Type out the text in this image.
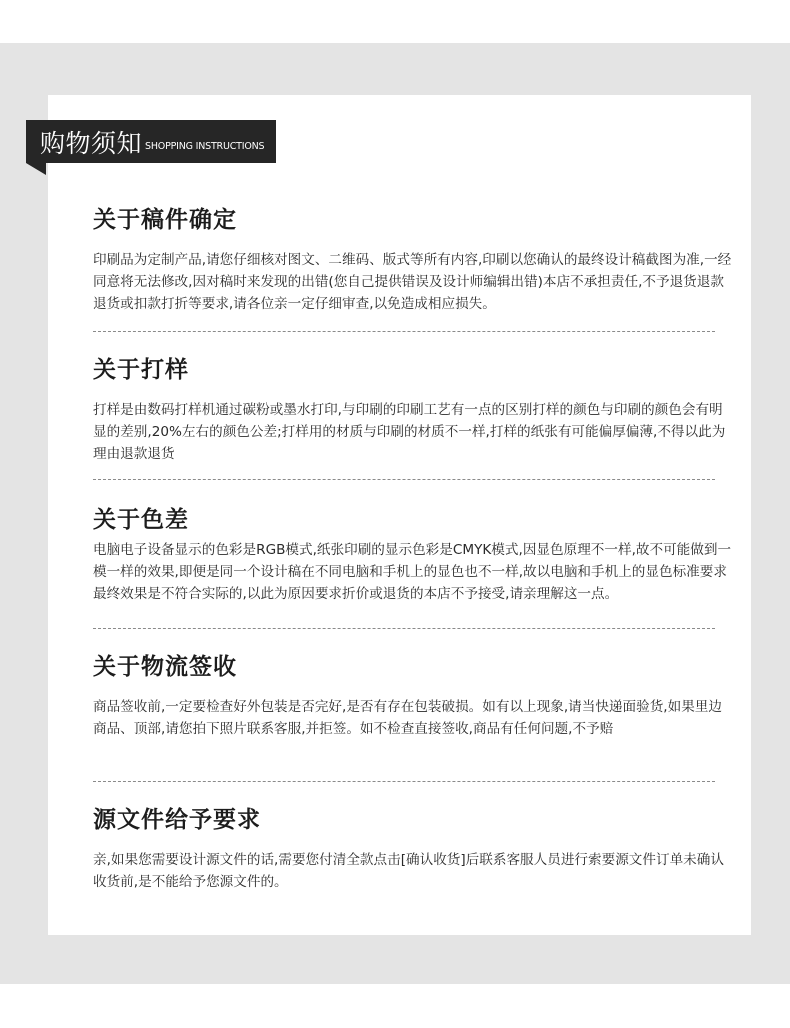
购物须知 SHOPPING INSTRUCTIONS
关于稿件确定

印刷品为定制产品,请您仔细核对图文、二维码、版式等所有内容,印刷以您确认的最终设计稿截图为准,一经同意将无法修改,因对稿时来发现的出错(您自己提供错误及设计师编辑出错)本店不承担责任,不予退货退款退货或扣款打折等要求,请各位亲一定仔细审查,以免造成相应损失。

关于打样

打样是由数码打样机通过碳粉或墨水打印,与印刷的印刷工艺有一点的区别打样的颜色与印刷的颜色会有明显的差别,20%左右的颜色公差;打样用的材质与印刷的材质不一样,打样的纸张有可能偏厚偏薄,不得以此为理由退款退货

关于色差

电脑电子设备显示的色彩是RGB模式,纸张印刷的显示色彩是CMYK模式,因显色原理不一样,故不可能做到一模一样的效果,即便是同一个设计稿在不同电脑和手机上的显色也不一样,故以电脑和手机上的显色标准要求最终效果是不符合实际的,以此为原因要求折价或退货的本店不予接受,请亲理解这一点。

关于物流签收

商品签收前,一定要检查好外包装是否完好,是否有存在包装破损。如有以上现象,请当快递面验货,如果里边商品、顶部,请您拍下照片联系客服,并拒签。如不检查直接签收,商品有任何问题,不予赔

源文件给予要求

亲,如果您需要设计源文件的话,需要您付清全款点击[确认收货]后联系客服人员进行索要源文件订单未确认收货前,是不能给予您源文件的。
